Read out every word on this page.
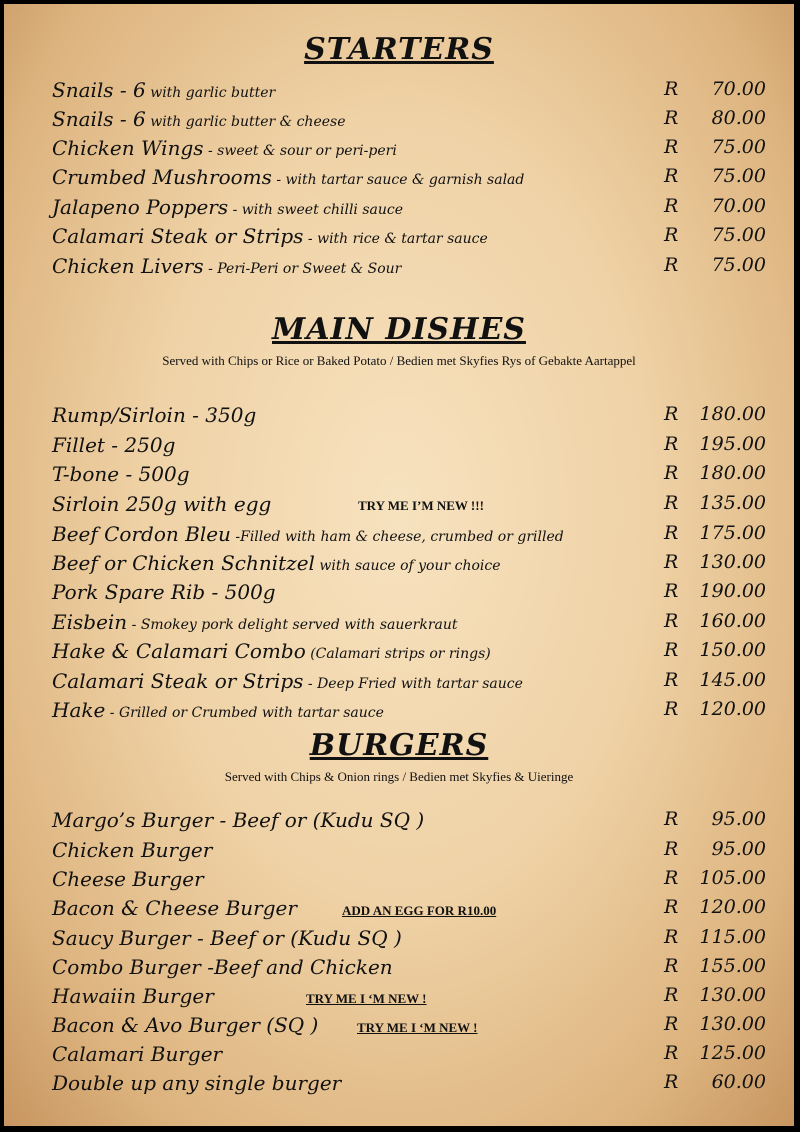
STARTERS
Snails - 6 with garlic butter	R 70.00
Snails - 6 with garlic butter & cheese	R 80.00
Chicken Wings - sweet & sour or peri-peri	R 75.00
Crumbed Mushrooms - with tartar sauce & garnish salad	R 75.00
Jalapeno Poppers - with sweet chilli sauce	R 70.00
Calamari Steak or Strips - with rice & tartar sauce	R 75.00
Chicken Livers - Peri-Peri or Sweet & Sour	R 75.00
MAIN DISHES
Served with Chips or Rice or Baked Potato / Bedien met Skyfies Rys of Gebakte Aartappel
Rump/Sirloin - 350g	R 180.00
Fillet - 250g	R 195.00
T-bone - 500g	R 180.00
Sirloin 250g with egg	TRY ME I’M NEW !!!	R 135.00
Beef Cordon Bleu -Filled with ham & cheese, crumbed or grilled	R 175.00
Beef or Chicken Schnitzel with sauce of your choice	R 130.00
Pork Spare Rib - 500g	R 190.00
Eisbein - Smokey pork delight served with sauerkraut	R 160.00
Hake & Calamari Combo (Calamari strips or rings)	R 150.00
Calamari Steak or Strips - Deep Fried with tartar sauce	R 145.00
Hake - Grilled or Crumbed with tartar sauce	R 120.00
BURGERS
Served with Chips & Onion rings / Bedien met Skyfies & Uieringe
Margo’s Burger - Beef or (Kudu SQ )	R 95.00
Chicken Burger	R 95.00
Cheese Burger	R 105.00
Bacon & Cheese Burger	ADD AN EGG FOR R10.00	R 120.00
Saucy Burger - Beef or (Kudu SQ )	R 115.00
Combo Burger -Beef and Chicken	R 155.00
Hawaiin Burger	TRY ME I ‘M NEW !	R 130.00
Bacon & Avo Burger (SQ )	TRY ME I ‘M NEW !	R 130.00
Calamari Burger	R 125.00
Double up any single burger	R 60.00
